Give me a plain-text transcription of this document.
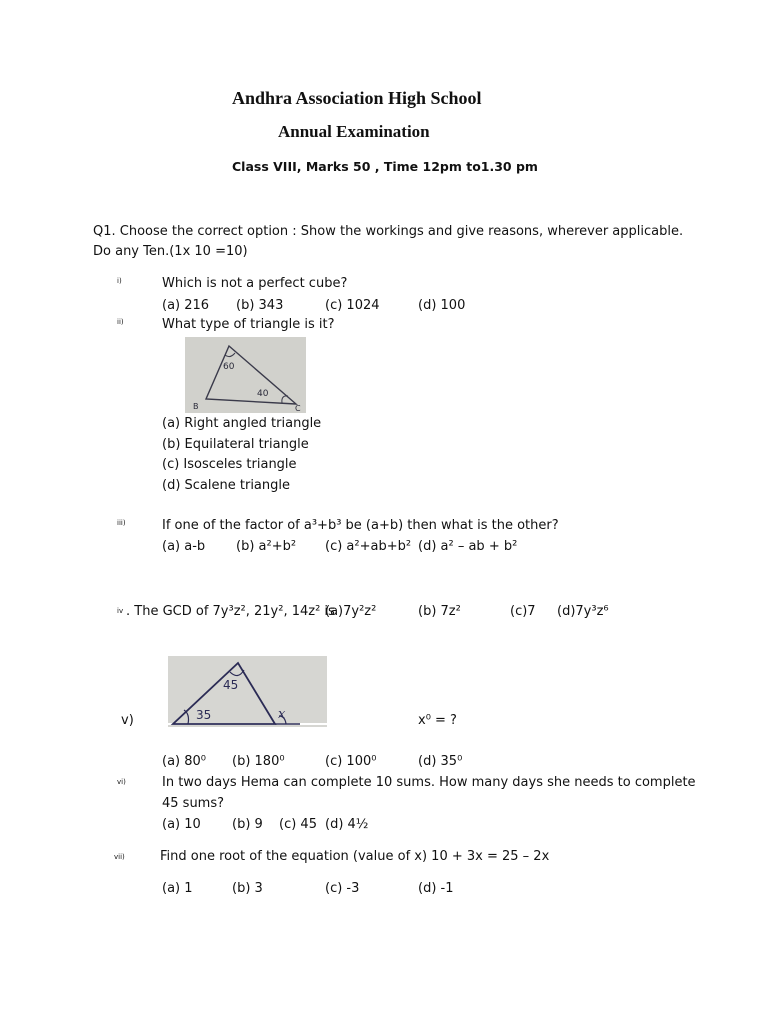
Andhra Association High School
Annual Examination
Class VIII, Marks 50 , Time 12pm to1.30 pm
Q1. Choose the correct option : Show the workings and give reasons, wherever applicable.
Do any Ten.(1x 10 =10)
i)	Which is not a perfect cube?
(a) 216 (b) 343	(c) 1024	(d) 100
ii)	What type of triangle is it?
60
40
B	C
(a) Right angled triangle
(b) Equilateral triangle
(c) Isosceles triangle
(d) Scalene triangle
iii)	If one of the factor of a³+b³ be (a+b) then what is the other?
(a) a-b (b) a²+b² (c) a²+ab+b² (d) a² – ab + b²
iv . The GCD of 7y³z², 21y², 14z² is
(a)7y²z²	(b) 7z²	(c)7 (d)7y³z⁶
45
35	x
v)	x⁰ = ?
(a) 80⁰ (b) 180⁰	(c) 100⁰	(d) 35⁰
vi)	In two days Hema can complete 10 sums. How many days she needs to complete
45 sums?
(a) 10 (b) 9 (c) 45 (d) 4½
vii)	Find one root of the equation (value of x) 10 + 3x = 25 – 2x
(a) 1	(b) 3	(c) -3	(d) -1
